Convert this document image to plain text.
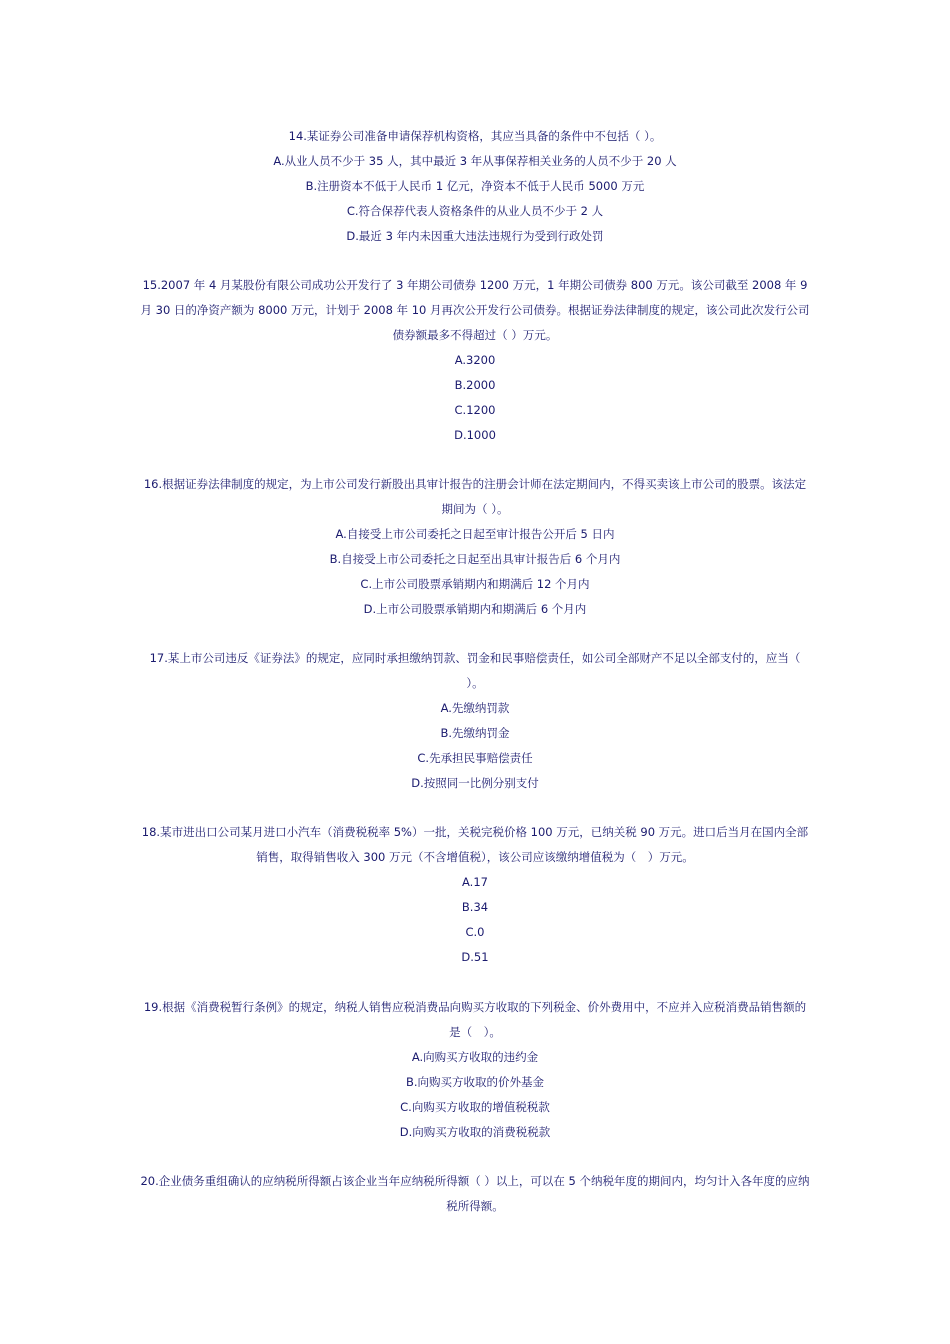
14.某证券公司准备申请保荐机构资格，其应当具备的条件中不包括（ ）。

A.从业人员不少于 35 人，其中最近 3 年从事保荐相关业务的人员不少于 20 人

B.注册资本不低于人民币 1 亿元，净资本不低于人民币 5000 万元

C.符合保荐代表人资格条件的从业人员不少于 2 人

D.最近 3 年内未因重大违法违规行为受到行政处罚

15.2007 年 4 月某股份有限公司成功公开发行了 3 年期公司债券 1200 万元，1 年期公司债券 800 万元。该公司截至 2008 年 9 月 30 日的净资产额为 8000 万元，计划于 2008 年 10 月再次公开发行公司债券。根据证券法律制度的规定，该公司此次发行公司债券额最多不得超过（ ）万元。

A.3200

B.2000

C.1200

D.1000

16.根据证券法律制度的规定，为上市公司发行新股出具审计报告的注册会计师在法定期间内，不得买卖该上市公司的股票。该法定期间为（ ）。

A.自接受上市公司委托之日起至审计报告公开后 5 日内

B.自接受上市公司委托之日起至出具审计报告后 6 个月内

C.上市公司股票承销期内和期满后 12 个月内

D.上市公司股票承销期内和期满后 6 个月内

17.某上市公司违反《证券法》的规定，应同时承担缴纳罚款、罚金和民事赔偿责任，如公司全部财产不足以全部支付的，应当（ ）。

A.先缴纳罚款

B.先缴纳罚金

C.先承担民事赔偿责任

D.按照同一比例分别支付

18.某市进出口公司某月进口小汽车（消费税税率 5%）一批，关税完税价格 100 万元，已纳关税 90 万元。进口后当月在国内全部销售，取得销售收入 300 万元（不含增值税），该公司应该缴纳增值税为（　）万元。

A.17

B.34

C.0

D.51

19.根据《消费税暂行条例》的规定，纳税人销售应税消费品向购买方收取的下列税金、价外费用中，不应并入应税消费品销售额的是（　）。

A.向购买方收取的违约金

B.向购买方收取的价外基金

C.向购买方收取的增值税税款

D.向购买方收取的消费税税款

20.企业债务重组确认的应纳税所得额占该企业当年应纳税所得额（ ）以上，可以在 5 个纳税年度的期间内，均匀计入各年度的应纳税所得额。
